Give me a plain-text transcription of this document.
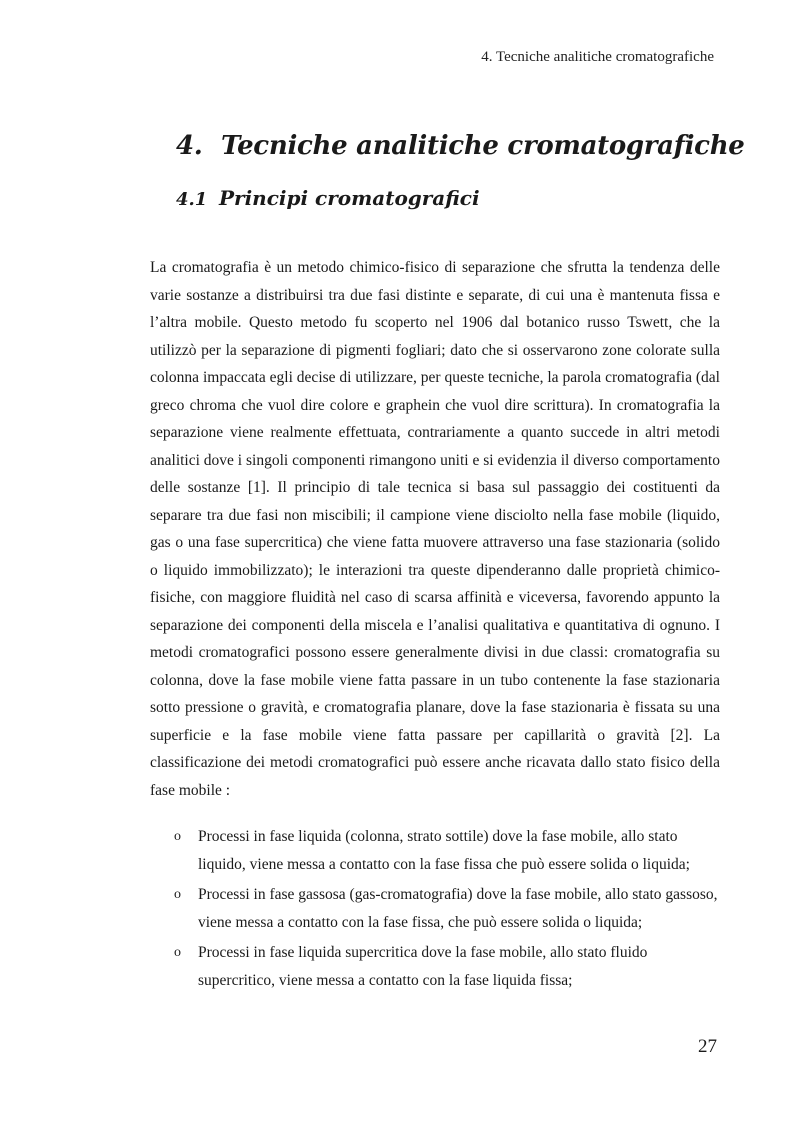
4. Tecniche analitiche cromatografiche
4. Tecniche analitiche cromatografiche
4.1 Principi cromatografici

La cromatografia è un metodo chimico-fisico di separazione che sfrutta la tendenza delle varie sostanze a distribuirsi tra due fasi distinte e separate, di cui una è mantenuta fissa e l’altra mobile. Questo metodo fu scoperto nel 1906 dal botanico russo Tswett, che la utilizzò per la separazione di pigmenti fogliari; dato che si osservarono zone colorate sulla colonna impaccata egli decise di utilizzare, per queste tecniche, la parola cromatografia (dal greco chroma che vuol dire colore e graphein che vuol dire scrittura). In cromatografia la separazione viene realmente effettuata, contrariamente a quanto succede in altri metodi analitici dove i singoli componenti rimangono uniti e si evidenzia il diverso comportamento delle sostanze [1]. Il principio di tale tecnica si basa sul passaggio dei costituenti da separare tra due fasi non miscibili; il campione viene disciolto nella fase mobile (liquido, gas o una fase supercritica) che viene fatta muovere attraverso una fase stazionaria (solido o liquido immobilizzato); le interazioni tra queste dipenderanno dalle proprietà chimico-fisiche, con maggiore fluidità nel caso di scarsa affinità e viceversa, favorendo appunto la separazione dei componenti della miscela e l’analisi qualitativa e quantitativa di ognuno. I metodi cromatografici possono essere generalmente divisi in due classi: cromatografia su colonna, dove la fase mobile viene fatta passare in un tubo contenente la fase stazionaria sotto pressione o gravità, e cromatografia planare, dove la fase stazionaria è fissata su una superficie e la fase mobile viene fatta passare per capillarità o gravità [2]. La classificazione dei metodi cromatografici può essere anche ricavata dallo stato fisico della fase mobile :

o Processi in fase liquida (colonna, strato sottile) dove la fase mobile, allo stato liquido, viene messa a contatto con la fase fissa che può essere solida o liquida;
o Processi in fase gassosa (gas-cromatografia) dove la fase mobile, allo stato gassoso, viene messa a contatto con la fase fissa, che può essere solida o liquida;
o Processi in fase liquida supercritica dove la fase mobile, allo stato fluido supercritico, viene messa a contatto con la fase liquida fissa;
27
